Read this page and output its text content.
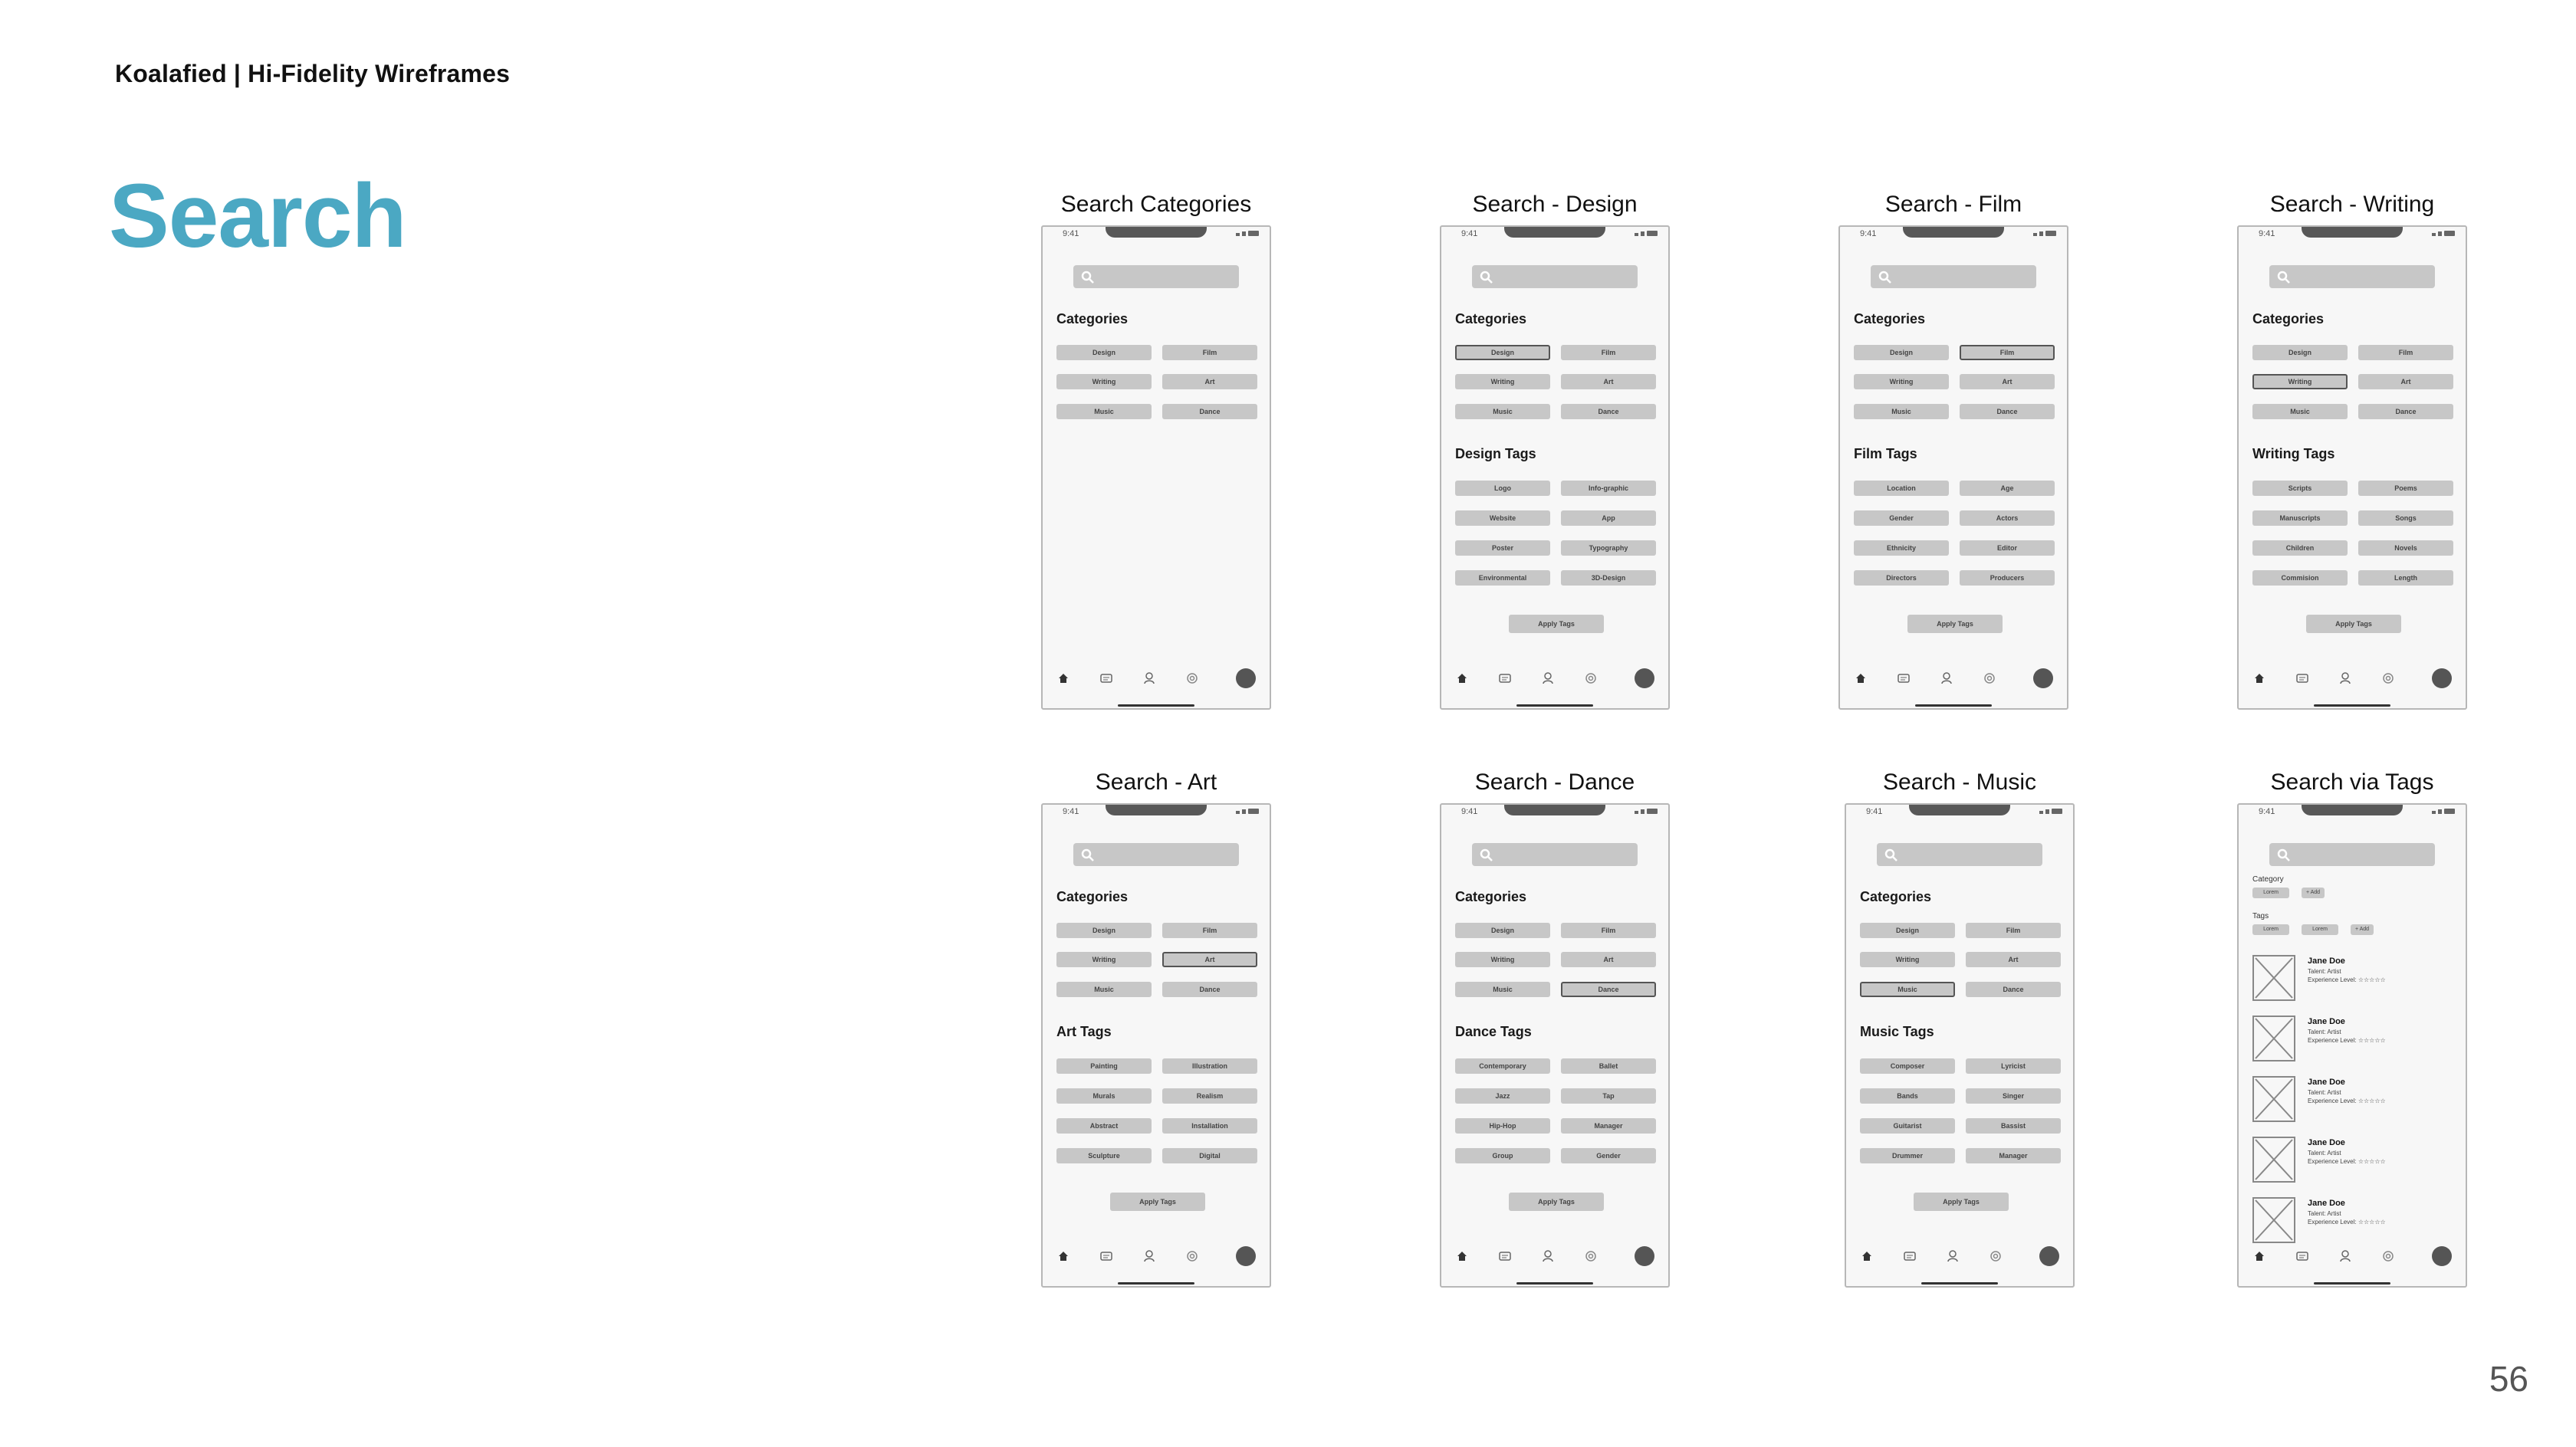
Koalafied | Hi-Fidelity Wireframes
Search
56
Search Categories
9:41
Categories
Design	Film
Writing	Art
Music	Dance
Search - Design
9:41
Categories
Design	Film
Writing	Art
Music	Dance
Design Tags
Logo	Info-graphic
Website	App
Poster	Typography
Environmental	3D-Design
Apply Tags
Search - Film
9:41
Categories
Design	Film
Writing	Art
Music	Dance
Film Tags
Location	Age
Gender	Actors
Ethnicity	Editor
Directors	Producers
Apply Tags
Search - Writing
9:41
Categories
Design	Film
Writing	Art
Music	Dance
Writing Tags
Scripts	Poems
Manuscripts	Songs
Children	Novels
Commision	Length
Apply Tags
Search - Art
9:41
Categories
Design	Film
Writing	Art
Music	Dance
Art Tags
Painting	Illustration
Murals	Realism
Abstract	Installation
Sculpture	Digital
Apply Tags
Search - Dance
9:41
Categories
Design	Film
Writing	Art
Music	Dance
Dance Tags
Contemporary	Ballet
Jazz	Tap
Hip-Hop	Manager
Group	Gender
Apply Tags
Search - Music
9:41
Categories
Design	Film
Writing	Art
Music	Dance
Music Tags
Composer	Lyricist
Bands	Singer
Guitarist	Bassist
Drummer	Manager
Apply Tags
Search via Tags
9:41
Category
Lorem	+ Add
Tags
Lorem	Lorem	+ Add
Jane Doe
Talent: Artist
Experience Level: ☆☆☆☆☆
Jane Doe
Talent: Artist
Experience Level: ☆☆☆☆☆
Jane Doe
Talent: Artist
Experience Level: ☆☆☆☆☆
Jane Doe
Talent: Artist
Experience Level: ☆☆☆☆☆
Jane Doe
Talent: Artist
Experience Level: ☆☆☆☆☆
